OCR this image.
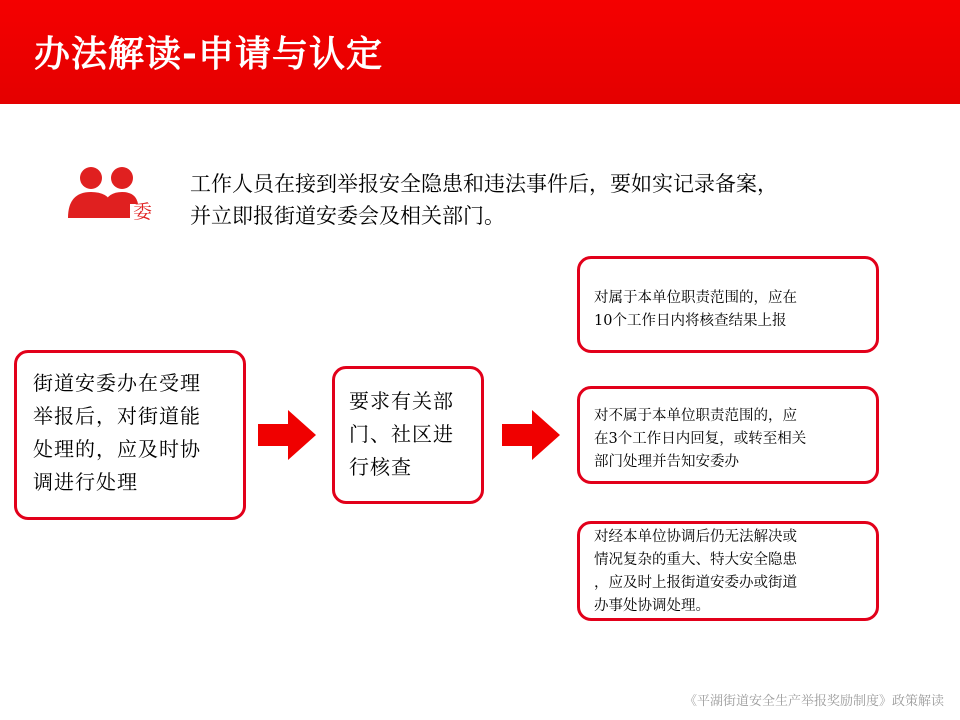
办法解读-申请与认定
委
工作人员在接到举报安全隐患和违法事件后，要如实记录备案，
并立即报街道安委会及相关部门。
街道安委办在受理
举报后，对街道能
处理的，应及时协
调进行处理
要求有关部
门、社区进
行核查
对属于本单位职责范围的，应在
10个工作日内将核查结果上报
对不属于本单位职责范围的，应
在3个工作日内回复，或转至相关
部门处理并告知安委办
对经本单位协调后仍无法解决或
情况复杂的重大、特大安全隐患
，应及时上报街道安委办或街道
办事处协调处理。
《平湖街道安全生产举报奖励制度》政策解读
